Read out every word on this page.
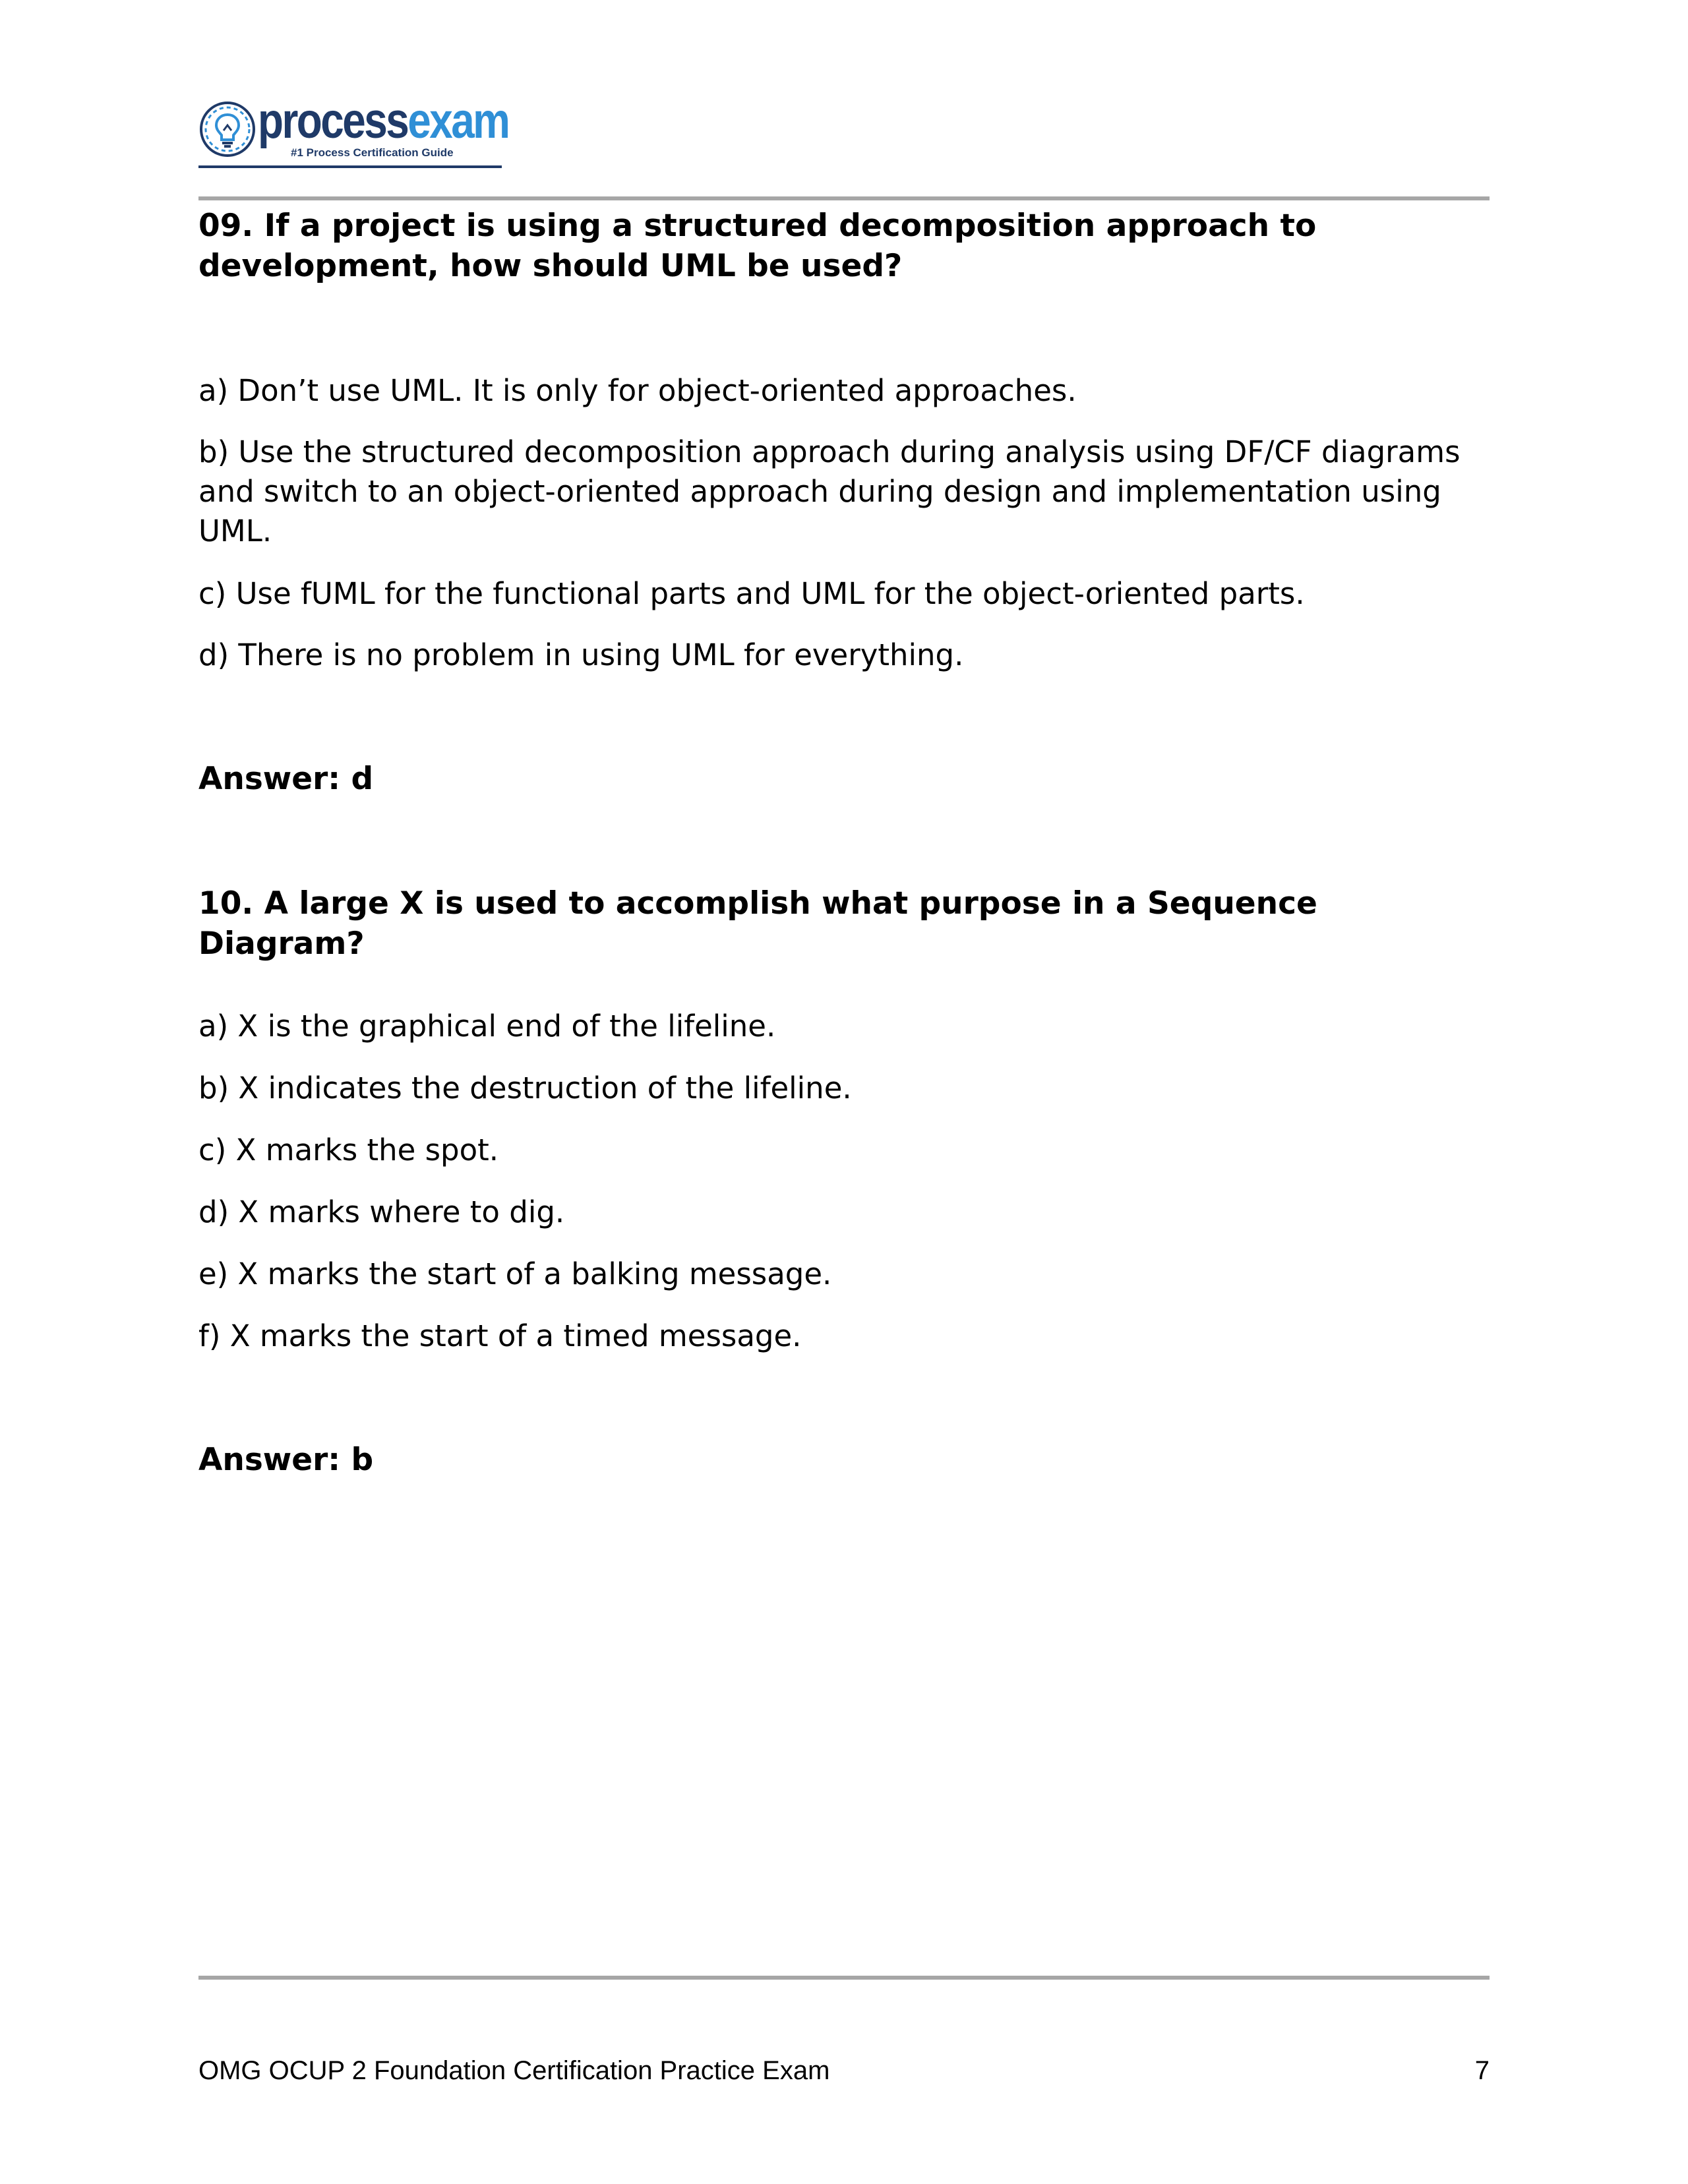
processexam
#1 Process Certification Guide

09. If a project is using a structured decomposition approach to development, how should UML be used?

a) Don’t use UML. It is only for object-oriented approaches.

b) Use the structured decomposition approach during analysis using DF/CF diagrams and switch to an object-oriented approach during design and implementation using UML.

c) Use fUML for the functional parts and UML for the object-oriented parts.

d) There is no problem in using UML for everything.

Answer: d

10. A large X is used to accomplish what purpose in a Sequence Diagram?

a) X is the graphical end of the lifeline.

b) X indicates the destruction of the lifeline.

c) X marks the spot.

d) X marks where to dig.

e) X marks the start of a balking message.

f) X marks the start of a timed message.

Answer: b

OMG OCUP 2 Foundation Certification Practice Exam	7
